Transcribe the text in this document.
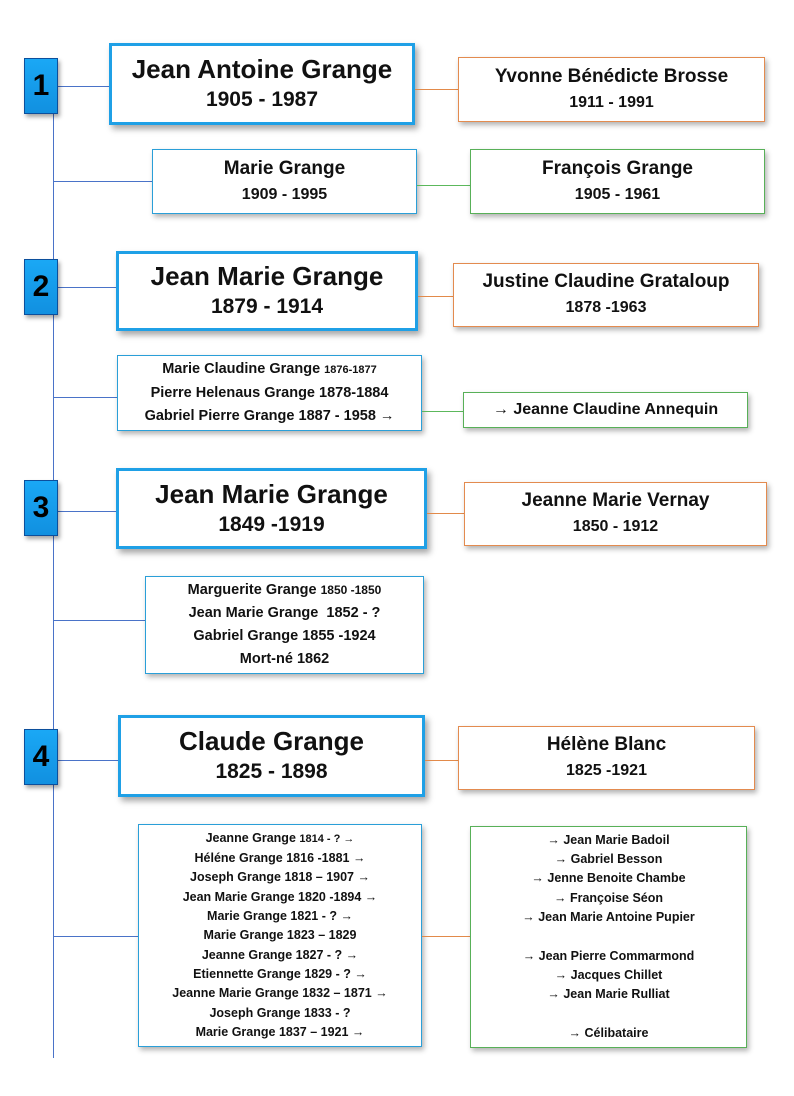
1	Jean Antoine Grange
1905 - 1987
Yvonne Bénédicte Brosse
1911 - 1991
Marie Grange
1909 - 1995
François Grange
1905 - 1961
2	Jean Marie Grange
1879 - 1914
Justine Claudine Grataloup
1878 -1963
Marie Claudine Grange 1876-1877
Pierre Helenaus Grange 1878-1884
Gabriel Pierre Grange 1887 - 1958 →	→ Jeanne Claudine Annequin
3	Jean Marie Grange
1849 -1919
Jeanne Marie Vernay
1850 - 1912
Marguerite Grange 1850 -1850
Jean Marie Grange 1852 - ?
Gabriel Grange 1855 -1924
Mort-né 1862
4	Claude Grange
1825 - 1898
Hélène Blanc
1825 -1921
Jeanne Grange 1814 - ? →
Héléne Grange 1816 -1881 →
Joseph Grange 1818 – 1907 →
Jean Marie Grange 1820 -1894 →
Marie Grange 1821 - ? →
Marie Grange 1823 – 1829
Jeanne Grange 1827 - ? →
Etiennette Grange 1829 - ? →
Jeanne Marie Grange 1832 – 1871 →
Joseph Grange 1833 - ?
Marie Grange 1837 – 1921 →
→ Jean Marie Badoil
→ Gabriel Besson
→ Jenne Benoite Chambe
→ Françoise Séon
→ Jean Marie Antoine Pupier
→ Jean Pierre Commarmond
→ Jacques Chillet
→ Jean Marie Rulliat
→ Célibataire
